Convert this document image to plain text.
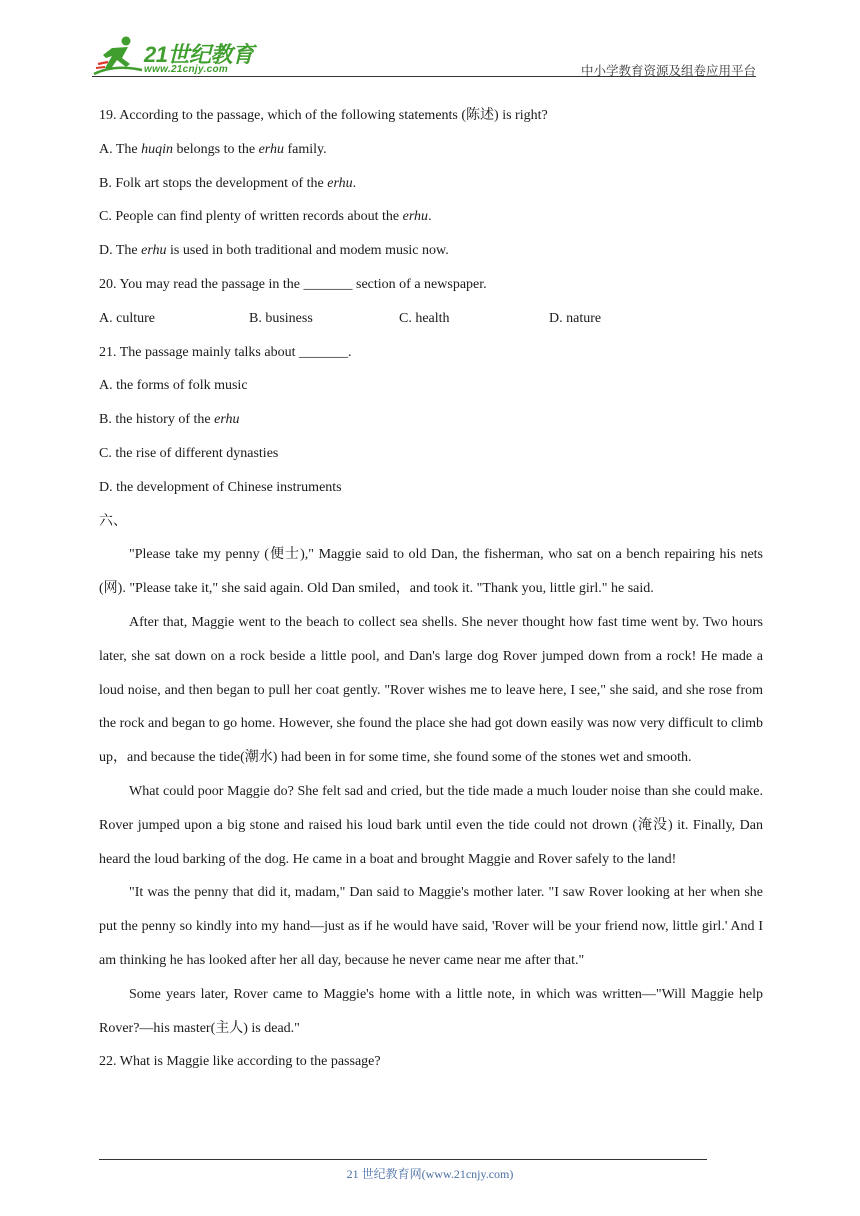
21世纪教育
www.21cnjy.com	中小学教育资源及组卷应用平台

19. According to the passage, which of the following statements (陈述) is right?

A. The huqin belongs to the erhu family.

B. Folk art stops the development of the erhu.

C. People can find plenty of written records about the erhu.

D. The erhu is used in both traditional and modem music now.

20. You may read the passage in the _______ section of a newspaper.

A. culture	B. business	C. health	D. nature

21. The passage mainly talks about _______.

A. the forms of folk music

B. the history of the erhu

C. the rise of different dynasties

D. the development of Chinese instruments

六、

"Please take my penny (便士)," Maggie said to old Dan, the fisherman, who sat on a bench repairing his nets (网). "Please take it," she said again. Old Dan smiled，and took it. "Thank you, little girl." he said.

After that, Maggie went to the beach to collect sea shells. She never thought how fast time went by. Two hours later, she sat down on a rock beside a little pool, and Dan's large dog Rover jumped down from a rock! He made a loud noise, and then began to pull her coat gently. "Rover wishes me to leave here, I see," she said, and she rose from the rock and began to go home. However, she found the place she had got down easily was now very difficult to climb up，and because the tide(潮水) had been in for some time, she found some of the stones wet and smooth.

What could poor Maggie do? She felt sad and cried, but the tide made a much louder noise than she could make. Rover jumped upon a big stone and raised his loud bark until even the tide could not drown (淹没) it. Finally, Dan heard the loud barking of the dog. He came in a boat and brought Maggie and Rover safely to the land!

"It was the penny that did it, madam," Dan said to Maggie's mother later. "I saw Rover looking at her when she put the penny so kindly into my hand—just as if he would have said, 'Rover will be your friend now, little girl.' And I am thinking he has looked after her all day, because he never came near me after that."

Some years later, Rover came to Maggie's home with a little note, in which was written—"Will Maggie help Rover?—his master(主人) is dead."

22. What is Maggie like according to the passage?

21 世纪教育网(www.21cnjy.com)
